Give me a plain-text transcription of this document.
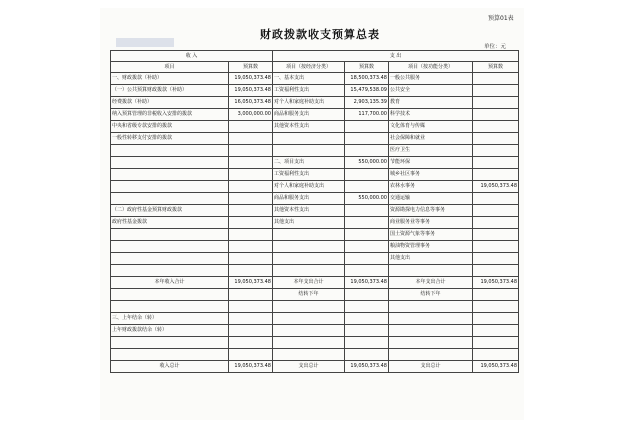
预算01表
财政拨款收支预算总表
单位：元
收 入		支 出			
项目	预算数	项目（按经济分类）	预算数	项目（按功能分类）	预算数
一、财政拨款（补助）	19,050,373.48	一、基本支出	18,500,373.48	一般公共服务	
（一）公共预算财政拨款（补助）	19,050,373.48	工资福利性支出	15,479,538.09	公共安全	
经费拨款（补助）	16,050,373.48	对个人和家庭补助支出	2,903,135.39	教育	
纳入预算管理的非税收入安排的拨款	3,000,000.00	商品和服务支出	117,700.00	科学技术	
中央和省级专款安排的拨款		其他资本性支出		文化体育与传媒	
一般性转移支付安排的拨款				社会保障和就业	
				医疗卫生	
		二、项目支出	550,000.00	节能环保	
		工资福利性支出		城乡社区事务	
		对个人和家庭补助支出		农林水事务	19,050,373.48
		商品和服务支出	550,000.00	交通运输	
（二）政府性基金预算财政拨款		其他资本性支出		资源勘探电力信息等事务	
政府性基金拨款		其他支出		商业服务业等事务	
				国土资源气象等事务	
				粮油物资管理事务	
				其他支出	

本年收入合计	19,050,373.48	本年支出合计	19,050,373.48	本年支出合计	19,050,373.48
		结转下年		结转下年	

三、上年结余（转）					
上年财政拨款结余（转）					

收入总计	19,050,373.48	支出总计	19,050,373.48	支出总计	19,050,373.48
